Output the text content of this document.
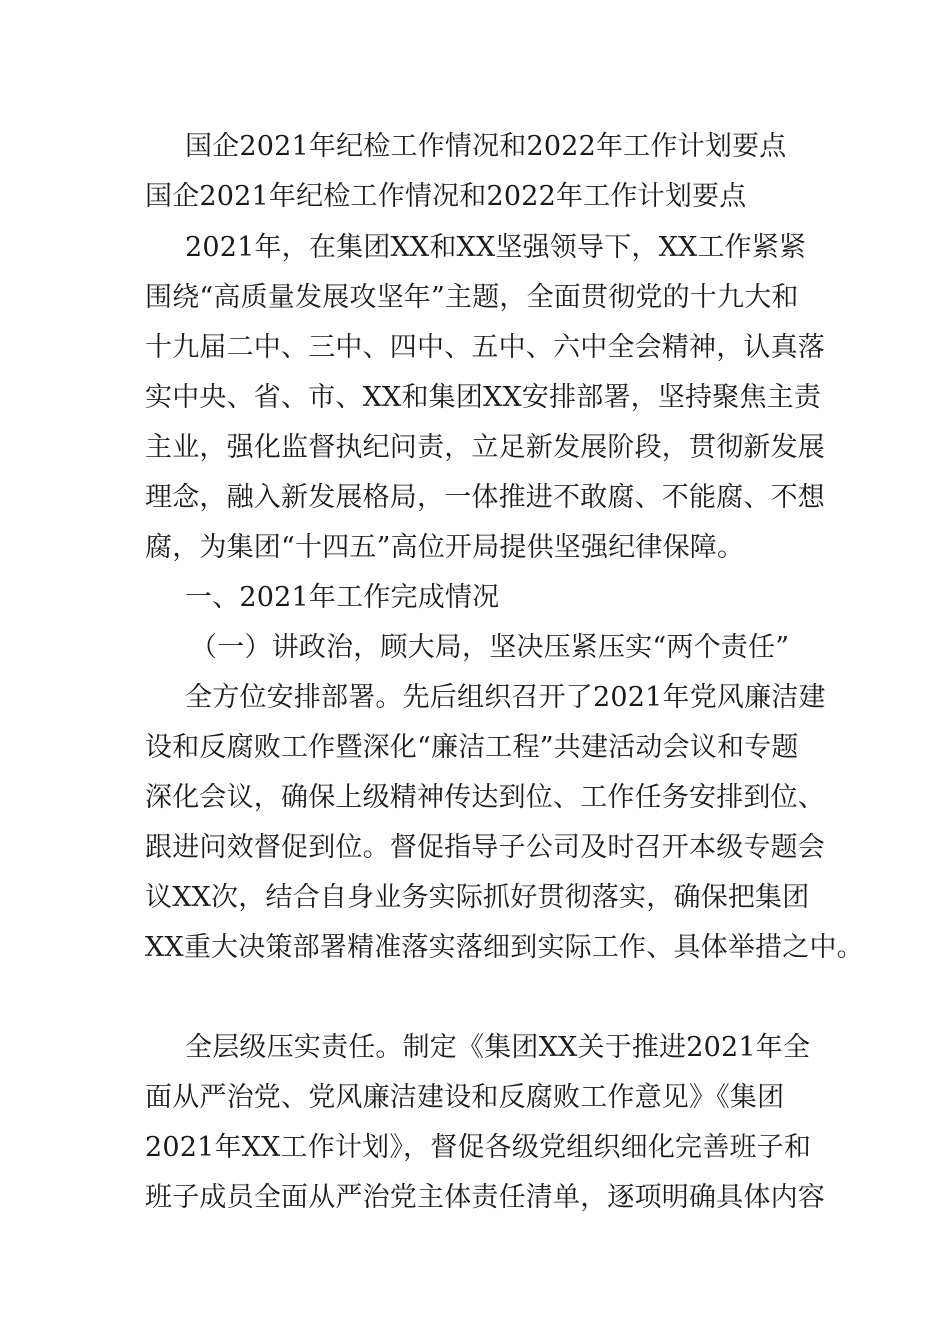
国企2021年纪检工作情况和2022年工作计划要点
国企2021年纪检工作情况和2022年工作计划要点
2021年，在集团XX和XX坚强领导下，XX工作紧紧
围绕“高质量发展攻坚年”主题，全面贯彻党的十九大和
十九届二中、三中、四中、五中、六中全会精神，认真落
实中央、省、市、XX和集团XX安排部署，坚持聚焦主责
主业，强化监督执纪问责，立足新发展阶段，贯彻新发展
理念，融入新发展格局，一体推进不敢腐、不能腐、不想
腐，为集团“十四五”高位开局提供坚强纪律保障。
一、2021年工作完成情况
（一）讲政治，顾大局，坚决压紧压实“两个责任”
全方位安排部署。先后组织召开了2021年党风廉洁建
设和反腐败工作暨深化“廉洁工程”共建活动会议和专题
深化会议，确保上级精神传达到位、工作任务安排到位、
跟进问效督促到位。督促指导子公司及时召开本级专题会
议XX次，结合自身业务实际抓好贯彻落实，确保把集团
XX重大决策部署精准落实落细到实际工作、具体举措之中。
全层级压实责任。制定《集团XX关于推进2021年全
面从严治党、党风廉洁建设和反腐败工作意见》《集团
2021年XX工作计划》，督促各级党组织细化完善班子和
班子成员全面从严治党主体责任清单，逐项明确具体内容
